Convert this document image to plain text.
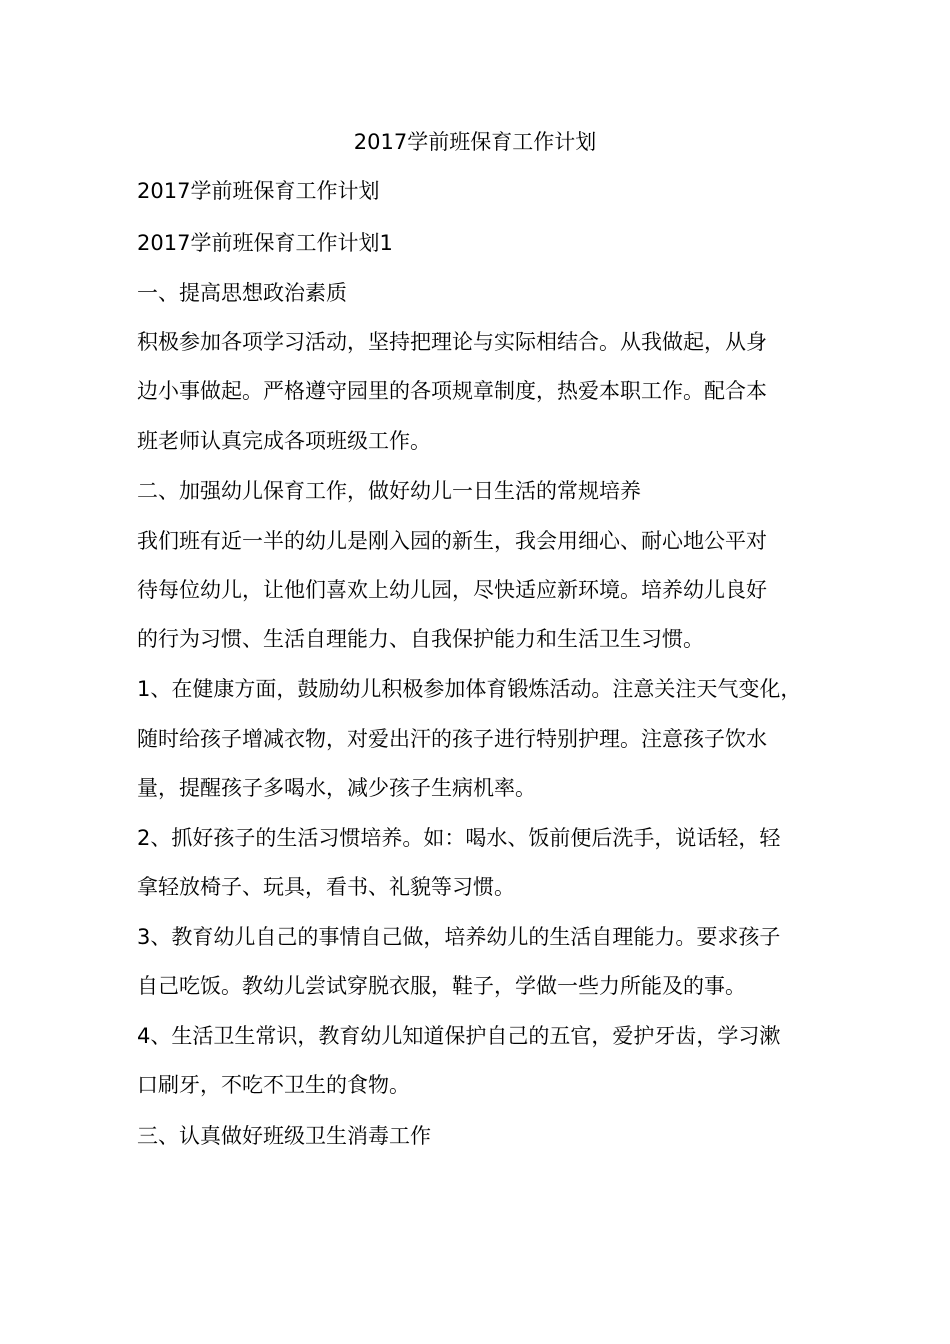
2017学前班保育工作计划

2017学前班保育工作计划

2017学前班保育工作计划1

一、提高思想政治素质

积极参加各项学习活动，坚持把理论与实际相结合。从我做起，从身

边小事做起。严格遵守园里的各项规章制度，热爱本职工作。配合本

班老师认真完成各项班级工作。

二、加强幼儿保育工作，做好幼儿一日生活的常规培养

我们班有近一半的幼儿是刚入园的新生，我会用细心、耐心地公平对

待每位幼儿，让他们喜欢上幼儿园，尽快适应新环境。培养幼儿良好

的行为习惯、生活自理能力、自我保护能力和生活卫生习惯。

1、在健康方面，鼓励幼儿积极参加体育锻炼活动。注意关注天气变化，

随时给孩子增减衣物，对爱出汗的孩子进行特别护理。注意孩子饮水

量，提醒孩子多喝水，减少孩子生病机率。

2、抓好孩子的生活习惯培养。如：喝水、饭前便后洗手，说话轻，轻

拿轻放椅子、玩具，看书、礼貌等习惯。

3、教育幼儿自己的事情自己做，培养幼儿的生活自理能力。要求孩子

自己吃饭。教幼儿尝试穿脱衣服，鞋子，学做一些力所能及的事。

4、生活卫生常识，教育幼儿知道保护自己的五官，爱护牙齿，学习漱

口刷牙，不吃不卫生的食物。

三、认真做好班级卫生消毒工作
